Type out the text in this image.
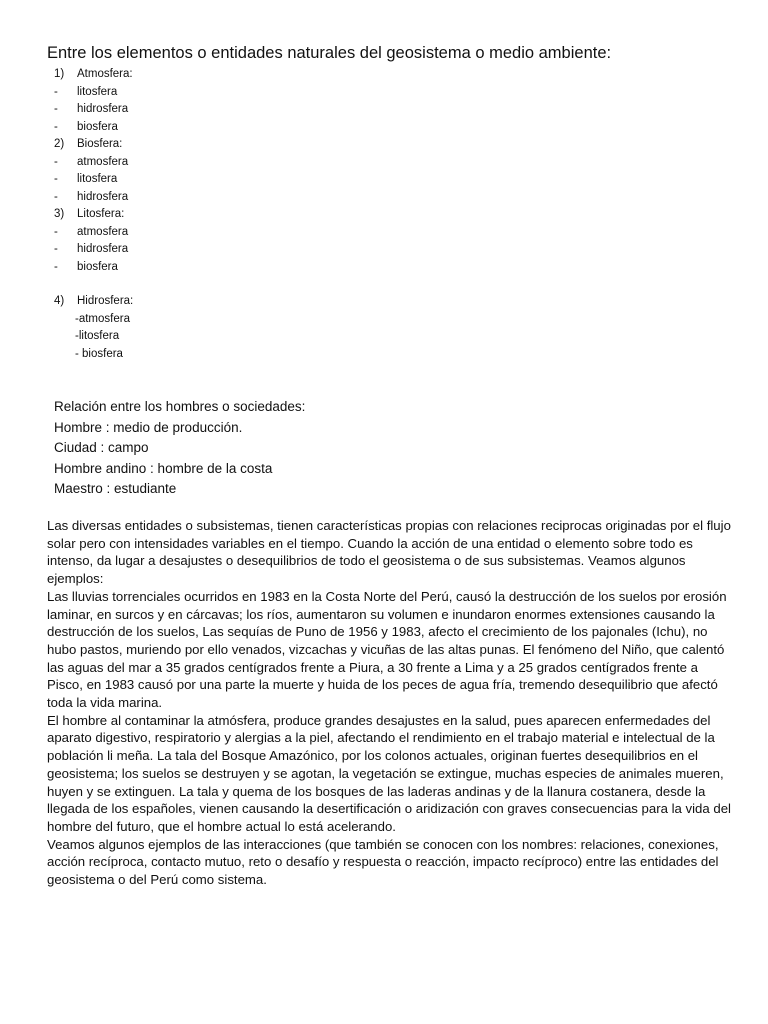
Entre los elementos o entidades naturales del geosistema o medio ambiente:
1) Atmosfera:
- litosfera
- hidrosfera
- biosfera
2) Biosfera:
- atmosfera
- litosfera
- hidrosfera
3) Litosfera:
- atmosfera
- hidrosfera
- biosfera
4) Hidrosfera:
-atmosfera
-litosfera
- biosfera
Relación entre los hombres o sociedades:
Hombre : medio de producción.
Ciudad : campo
Hombre andino : hombre de la costa
Maestro : estudiante

Las diversas entidades o subsistemas, tienen características propias con relaciones reciprocas originadas por el flujo solar pero con intensidades variables en el tiempo. Cuando la acción de una entidad o elemento sobre todo es intenso, da lugar a desajustes o desequilibrios de todo el geosistema o de sus subsistemas. Veamos algunos ejemplos:

Las lluvias torrenciales ocurridos en 1983 en la Costa Norte del Perú, causó la destrucción de los suelos por erosión laminar, en surcos y en cárcavas; los ríos, aumentaron su volumen e inundaron enormes extensiones causando la destrucción de los suelos, Las sequías de Puno de 1956 y 1983, afecto el crecimiento de los pajonales (Ichu), no hubo pastos, muriendo por ello venados, vizcachas y vicuñas de las altas punas. El fenómeno del Niño, que calentó las aguas del mar a 35 grados centígrados frente a Piura, a 30 frente a Lima y a 25 grados centígrados frente a Pisco, en 1983 causó por una parte la muerte y huida de los peces de agua fría, tremendo desequilibrio que afectó toda la vida marina.

El hombre al contaminar la atmósfera, produce grandes desajustes en la salud, pues aparecen enfermedades del aparato digestivo, respiratorio y alergias a la piel, afectando el rendimiento en el trabajo material e intelectual de la población li meña. La tala del Bosque Amazónico, por los colonos actuales, originan fuertes desequilibrios en el geosistema; los suelos se destruyen y se agotan, la vegetación se extingue, muchas especies de animales mueren, huyen y se extinguen. La tala y quema de los bosques de las laderas andinas y de la llanura costanera, desde la llegada de los españoles, vienen causando la desertificación o aridización con graves consecuencias para la vida del hombre del futuro, que el hombre actual lo está acelerando.

Veamos algunos ejemplos de las interacciones (que también se conocen con los nombres: relaciones, conexiones, acción recíproca, contacto mutuo, reto o desafío y respuesta o reacción, impacto recíproco) entre las entidades del geosistema o del Perú como sistema.
